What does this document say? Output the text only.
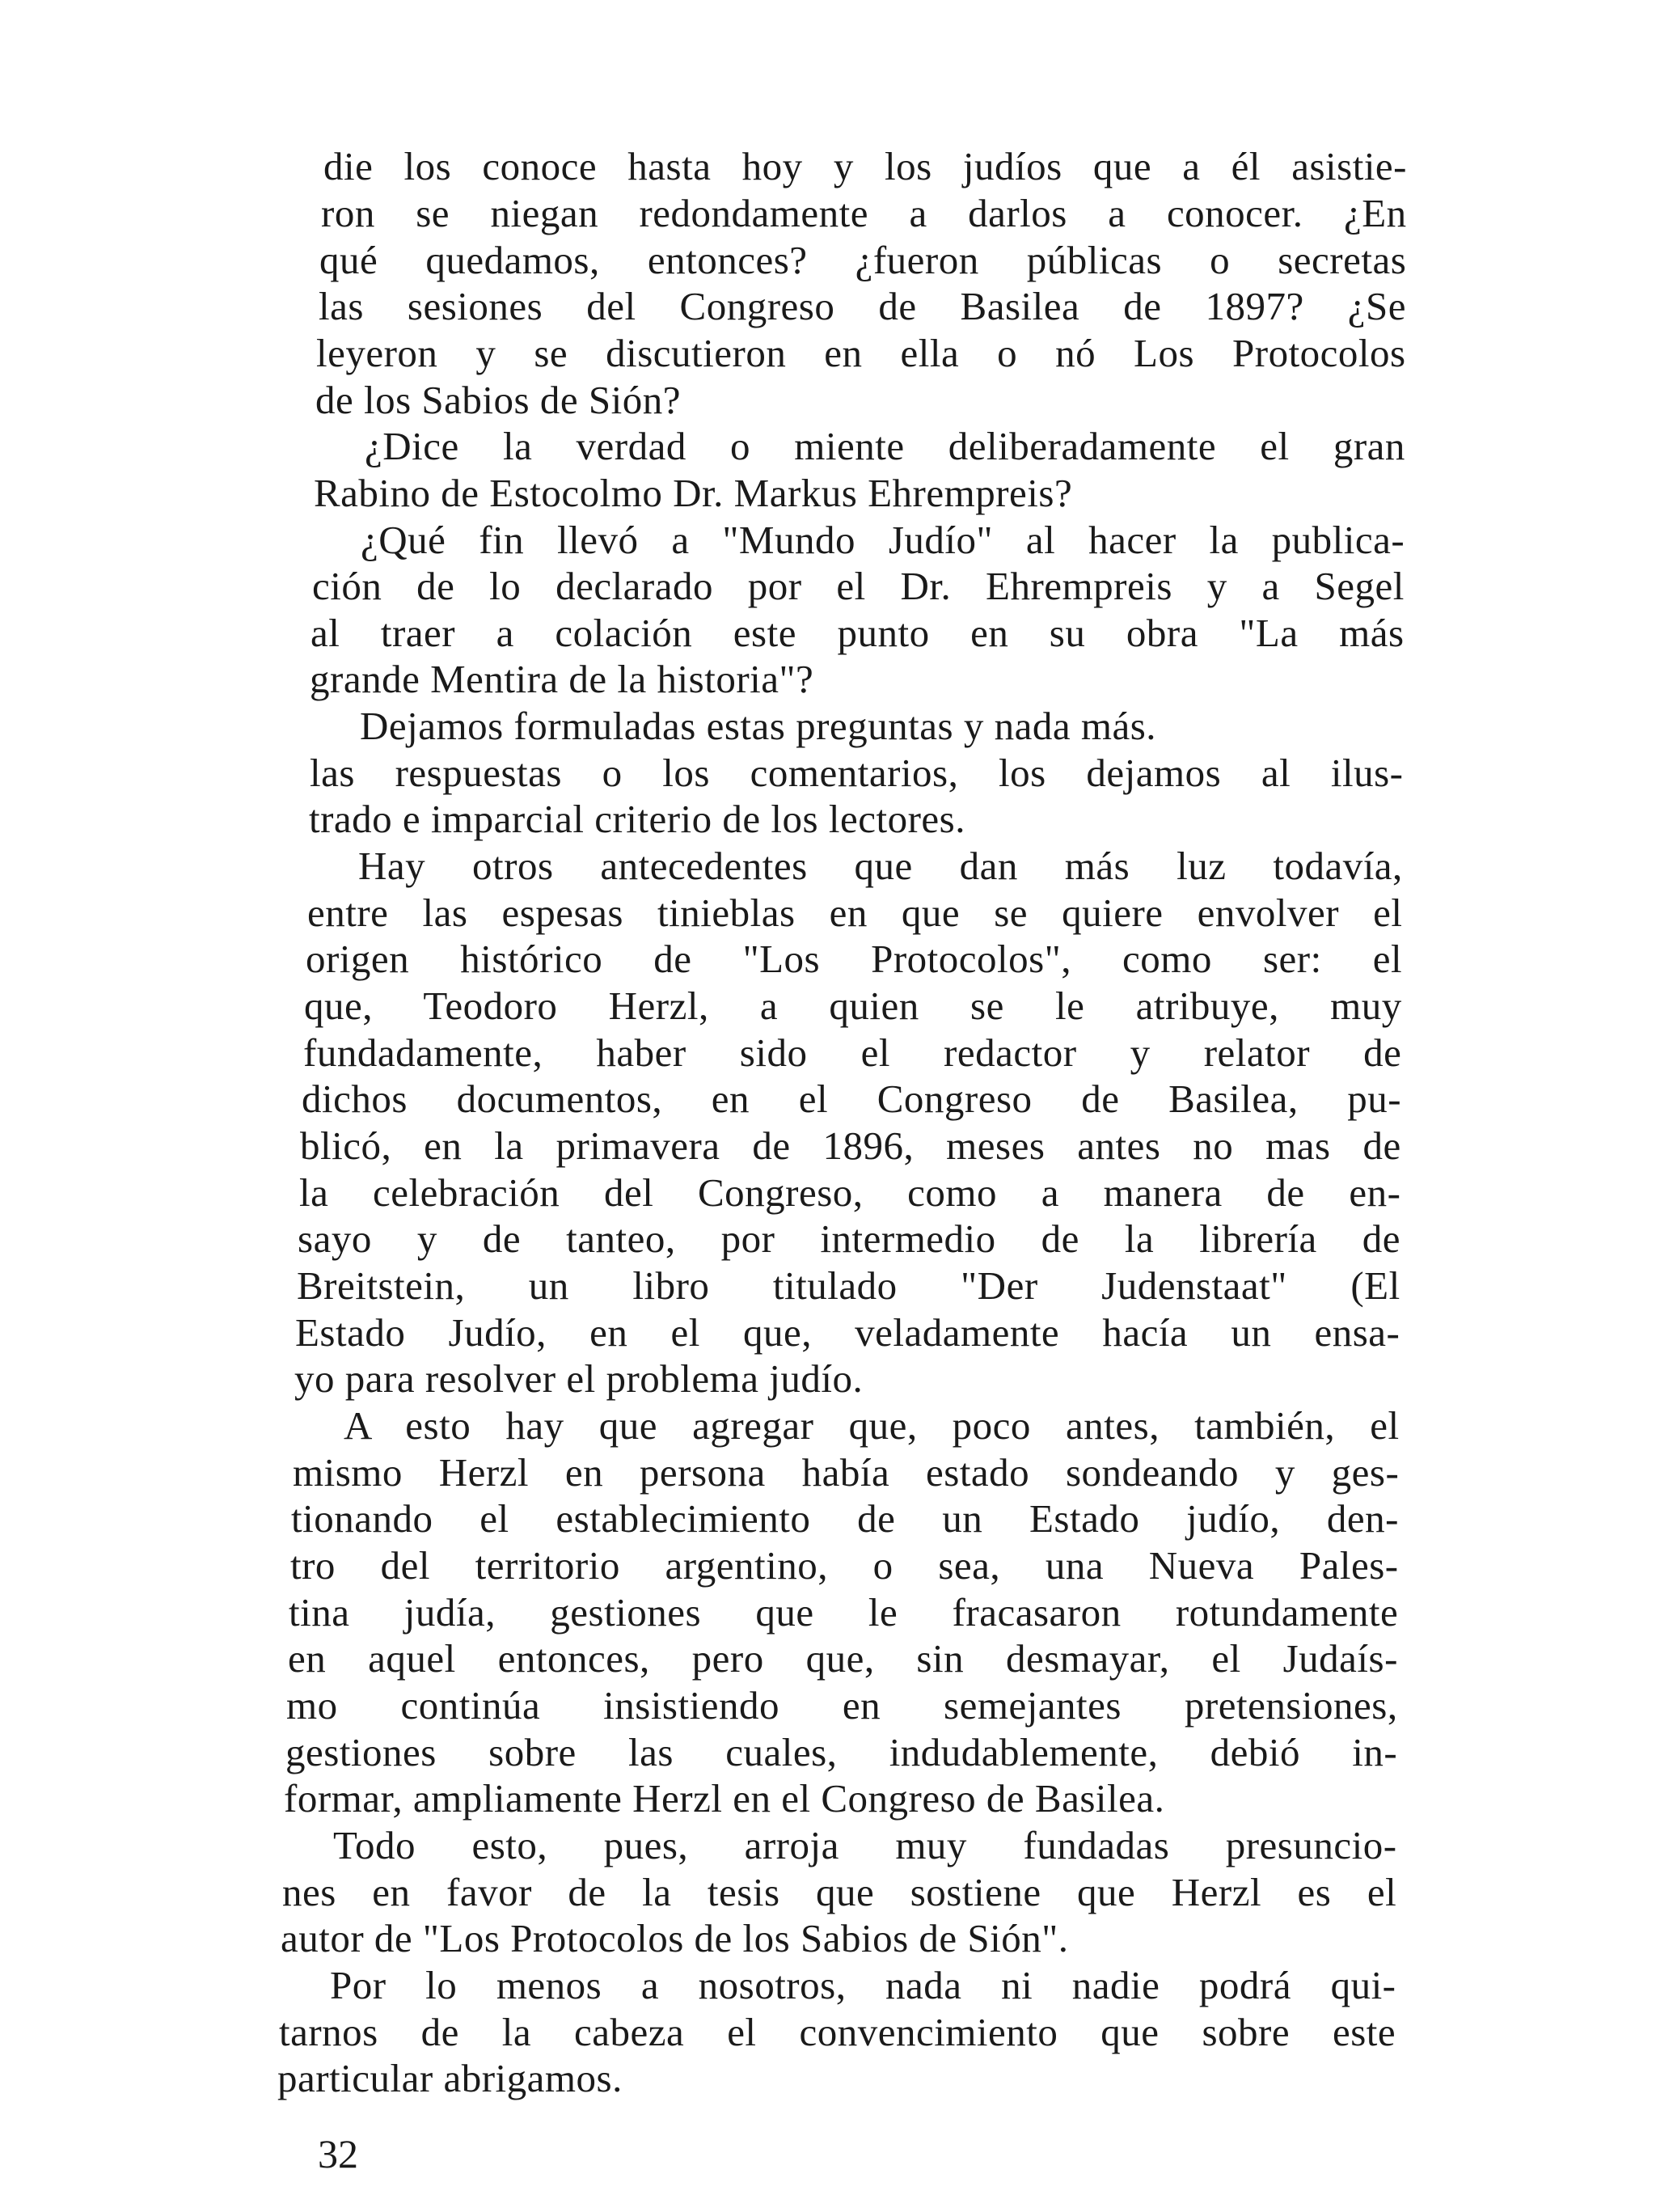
die los conoce hasta hoy y los judíos que a él asistie-
ron se niegan redondamente a darlos a conocer. ¿En
qué quedamos, entonces? ¿fueron públicas o secretas
las sesiones del Congreso de Basilea de 1897? ¿Se
leyeron y se discutieron en ella o nó Los Protocolos
de los Sabios de Sión?
¿Dice la verdad o miente deliberadamente el gran
Rabino de Estocolmo Dr. Markus Ehrempreis?
¿Qué fin llevó a "Mundo Judío" al hacer la publica-
ción de lo declarado por el Dr. Ehrempreis y a Segel
al traer a colación este punto en su obra "La más
grande Mentira de la historia"?
Dejamos formuladas estas preguntas y nada más.
las respuestas o los comentarios, los dejamos al ilus-
trado e imparcial criterio de los lectores.
Hay otros antecedentes que dan más luz todavía,
entre las espesas tinieblas en que se quiere envolver el
origen histórico de "Los Protocolos", como ser: el
que, Teodoro Herzl, a quien se le atribuye, muy
fundadamente, haber sido el redactor y relator de
dichos documentos, en el Congreso de Basilea, pu-
blicó, en la primavera de 1896, meses antes no mas de
la celebración del Congreso, como a manera de en-
sayo y de tanteo, por intermedio de la librería de
Breitstein, un libro titulado "Der Judenstaat" (El
Estado Judío, en el que, veladamente hacía un ensa-
yo para resolver el problema judío.
A esto hay que agregar que, poco antes, también, el
mismo Herzl en persona había estado sondeando y ges-
tionando el establecimiento de un Estado judío, den-
tro del territorio argentino, o sea, una Nueva Pales-
tina judía, gestiones que le fracasaron rotundamente
en aquel entonces, pero que, sin desmayar, el Judaís-
mo continúa insistiendo en semejantes pretensiones,
gestiones sobre las cuales, indudablemente, debió in-
formar, ampliamente Herzl en el Congreso de Basilea.
Todo esto, pues, arroja muy fundadas presuncio-
nes en favor de la tesis que sostiene que Herzl es el
autor de "Los Protocolos de los Sabios de Sión".
Por lo menos a nosotros, nada ni nadie podrá qui-
tarnos de la cabeza el convencimiento que sobre este
particular abrigamos.
32
